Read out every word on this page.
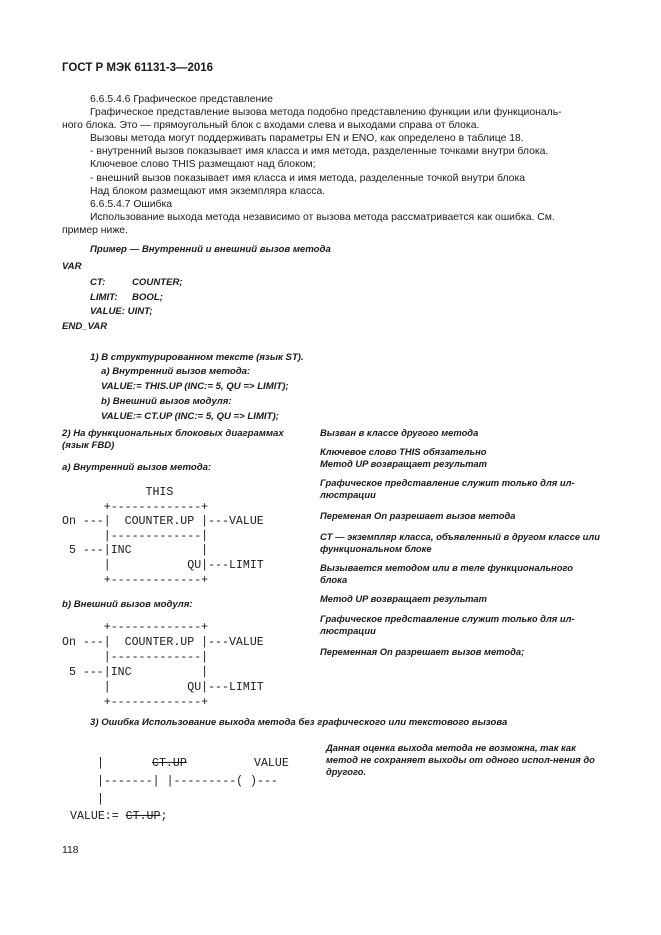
ГОСТ Р МЭК 61131-3—2016
6.6.5.4.6 Графическое представление
Графическое представление вызова метода подобно представлению функции или функциональ-
ного блока. Это — прямоугольный блок с входами слева и выходами справа от блока.
Вызовы метода могут поддерживать параметры EN и ENO, как определено в таблице 18.
- внутренний вызов показывает имя класса и имя метода, разделенные точками внутри блока.
Ключевое слово THIS размещают над блоком;
- внешний вызов показывает имя класса и имя метода, разделенные точкой внутри блока
Над блоком размещают имя экземпляра класса.
6.6.5.4.7 Ошибка
Использование выхода метода независимо от вызова метода рассматривается как ошибка. См.
пример ниже.
Пример — Внутренний и внешний вызов метода
VAR
CT:	COUNTER;
LIMIT: BOOL;
VALUE: UINT;
END_VAR
1) В структурированном тексте (язык ST).
a) Внутренний вызов метода:
VALUE:= THIS.UP (INC:= 5, QU => LIMIT);
b) Внешний вызов модуля:
VALUE:= CT.UP (INC:= 5, QU => LIMIT);
2) На функциональных блоковых диаграммах
(язык FBD)
a) Внутренний вызов метода:
THIS
+-------------+
On ---|  COUNTER.UP |---VALUE
|-------------|
5 ---|INC          |
|           QU|---LIMIT
+-------------+
b) Внешний вызов модуля:
+-------------+
On ---|  COUNTER.UP |---VALUE
|-------------|
5 ---|INC          |
|           QU|---LIMIT
+-------------+
Вызван в классе другого метода
Ключевое слово THIS обязательно
Метод UP возвращает результат
Графическое представление служит только для ил-люстрации
Переменая On разрешает вызов метода
CT — экземпляр класса, объявленный в другом классе или функциональном блоке
Вызывается методом или в теле функционального блока
Метод UP возвращает результат
Графическое представление служит только для ил-люстрации
Переменная On разрешает вызов метода;
3) Ошибка Использование выхода метода без графического или текстового вызова
|	CT.UP	VALUE
|-------| |---------( )---
|
VALUE:= CT.UP;
Данная оценка выхода метода не возможна, так как метод не сохраняет выходы от одного испол-нения до другого.
118
